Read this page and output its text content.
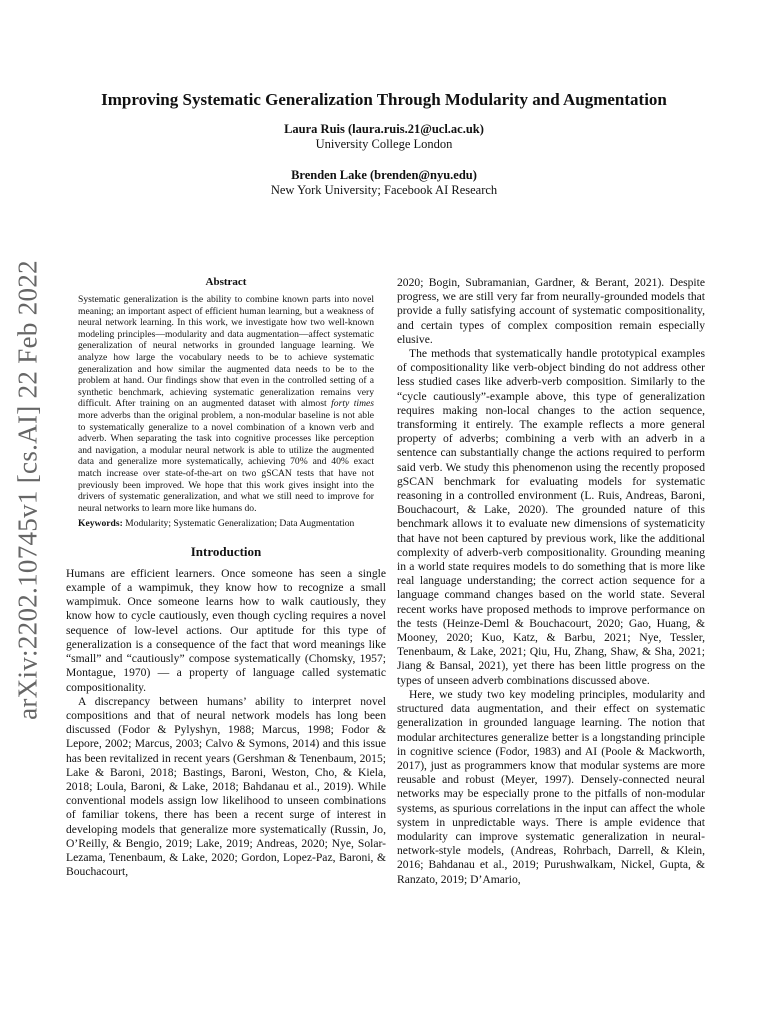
arXiv:2202.10745v1 [cs.AI] 22 Feb 2022
Improving Systematic Generalization Through Modularity and Augmentation
Laura Ruis (laura.ruis.21@ucl.ac.uk)
University College London
Brenden Lake (brenden@nyu.edu)
New York University; Facebook AI Research
Abstract

Systematic generalization is the ability to combine known parts into novel meaning; an important aspect of efficient human learning, but a weakness of neural network learning. In this work, we investigate how two well-known modeling principles—modularity and data augmentation—affect systematic generalization of neural networks in grounded language learning. We analyze how large the vocabulary needs to be to achieve systematic generalization and how similar the augmented data needs to be to the problem at hand. Our findings show that even in the controlled setting of a synthetic benchmark, achieving systematic generalization remains very difficult. After training on an augmented dataset with almost forty times more adverbs than the original problem, a non-modular baseline is not able to systematically generalize to a novel combination of a known verb and adverb. When separating the task into cognitive processes like perception and navigation, a modular neural network is able to utilize the augmented data and generalize more systematically, achieving 70% and 40% exact match increase over state-of-the-art on two gSCAN tests that have not previously been improved. We hope that this work gives insight into the drivers of systematic generalization, and what we still need to improve for neural networks to learn more like humans do.

Keywords: Modularity; Systematic Generalization; Data Augmentation

Introduction

Humans are efficient learners. Once someone has seen a single example of a wampimuk, they know how to recognize a small wampimuk. Once someone learns how to walk cautiously, they know how to cycle cautiously, even though cycling requires a novel sequence of low-level actions. Our aptitude for this type of generalization is a consequence of the fact that word meanings like “small” and “cautiously” compose systematically (Chomsky, 1957; Montague, 1970) — a property of language called systematic compositionality.

A discrepancy between humans’ ability to interpret novel compositions and that of neural network models has long been discussed (Fodor & Pylyshyn, 1988; Marcus, 1998; Fodor & Lepore, 2002; Marcus, 2003; Calvo & Symons, 2014) and this issue has been revitalized in recent years (Gershman & Tenenbaum, 2015; Lake & Baroni, 2018; Bastings, Baroni, Weston, Cho, & Kiela, 2018; Loula, Baroni, & Lake, 2018; Bahdanau et al., 2019). While conventional models assign low likelihood to unseen combinations of familiar tokens, there has been a recent surge of interest in developing models that generalize more systematically (Russin, Jo, O’Reilly, & Bengio, 2019; Lake, 2019; Andreas, 2020; Nye, Solar-Lezama, Tenenbaum, & Lake, 2020; Gordon, Lopez-Paz, Baroni, & Bouchacourt,

2020; Bogin, Subramanian, Gardner, & Berant, 2021). Despite progress, we are still very far from neurally-grounded models that provide a fully satisfying account of systematic compositionality, and certain types of complex composition remain especially elusive.

The methods that systematically handle prototypical examples of compositionality like verb-object binding do not address other less studied cases like adverb-verb composition. Similarly to the “cycle cautiously”-example above, this type of generalization requires making non-local changes to the action sequence, transforming it entirely. The example reflects a more general property of adverbs; combining a verb with an adverb in a sentence can substantially change the actions required to perform said verb. We study this phenomenon using the recently proposed gSCAN benchmark for evaluating models for systematic reasoning in a controlled environment (L. Ruis, Andreas, Baroni, Bouchacourt, & Lake, 2020). The grounded nature of this benchmark allows it to evaluate new dimensions of systematicity that have not been captured by previous work, like the additional complexity of adverb-verb compositionality. Grounding meaning in a world state requires models to do something that is more like real language understanding; the correct action sequence for a language command changes based on the world state. Several recent works have proposed methods to improve performance on the tests (Heinze-Deml & Bouchacourt, 2020; Gao, Huang, & Mooney, 2020; Kuo, Katz, & Barbu, 2021; Nye, Tessler, Tenenbaum, & Lake, 2021; Qiu, Hu, Zhang, Shaw, & Sha, 2021; Jiang & Bansal, 2021), yet there has been little progress on the types of unseen adverb combinations discussed above.

Here, we study two key modeling principles, modularity and structured data augmentation, and their effect on systematic generalization in grounded language learning. The notion that modular architectures generalize better is a longstanding principle in cognitive science (Fodor, 1983) and AI (Poole & Mackworth, 2017), just as programmers know that modular systems are more reusable and robust (Meyer, 1997). Densely-connected neural networks may be especially prone to the pitfalls of non-modular systems, as spurious correlations in the input can affect the whole system in unpredictable ways. There is ample evidence that modularity can improve systematic generalization in neural-network-style models, (Andreas, Rohrbach, Darrell, & Klein, 2016; Bahdanau et al., 2019; Purushwalkam, Nickel, Gupta, & Ranzato, 2019; D’Amario,
